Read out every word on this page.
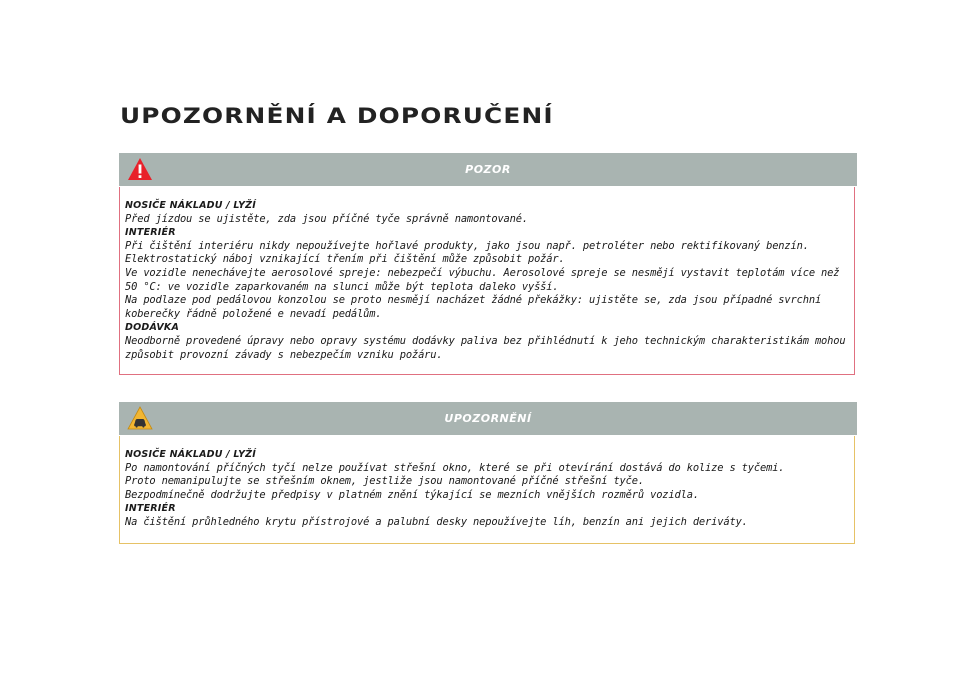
UPOZORNĚNÍ A DOPORUČENÍ
POZOR

NOSIČE NÁKLADU / LYŽÍ

Před jízdou se ujistěte, zda jsou příčné tyče správně namontované.

INTERIÉR

Při čištění interiéru nikdy nepoužívejte hořlavé produkty, jako jsou např. petroléter nebo rektifikovaný benzín. Elektrostatický náboj vznikající třením při čištění může způsobit požár.

Ve vozidle nenechávejte aerosolové spreje: nebezpečí výbuchu. Aerosolové spreje se nesmějí vystavit teplotám více než 50 °C: ve vozidle zaparkovaném na slunci může být teplota daleko vyšší.

Na podlaze pod pedálovou konzolou se proto nesmějí nacházet žádné překážky: ujistěte se, zda jsou případné svrchní koberečky řádně položené e nevadí pedálům.

DODÁVKA

Neodborně provedené úpravy nebo opravy systému dodávky paliva bez přihlédnutí k jeho technickým charakteristikám mohou způsobit provozní závady s nebezpečím vzniku požáru.

UPOZORNĚNÍ

NOSIČE NÁKLADU / LYŽÍ

Po namontování příčných tyčí nelze používat střešní okno, které se při otevírání dostává do kolize s tyčemi.

Proto nemanipulujte se střešním oknem, jestliže jsou namontované příčné střešní tyče.

Bezpodmínečně dodržujte předpisy v platném znění týkající se mezních vnějších rozměrů vozidla.

INTERIÉR

Na čištění průhledného krytu přístrojové a palubní desky nepoužívejte líh, benzín ani jejich deriváty.
